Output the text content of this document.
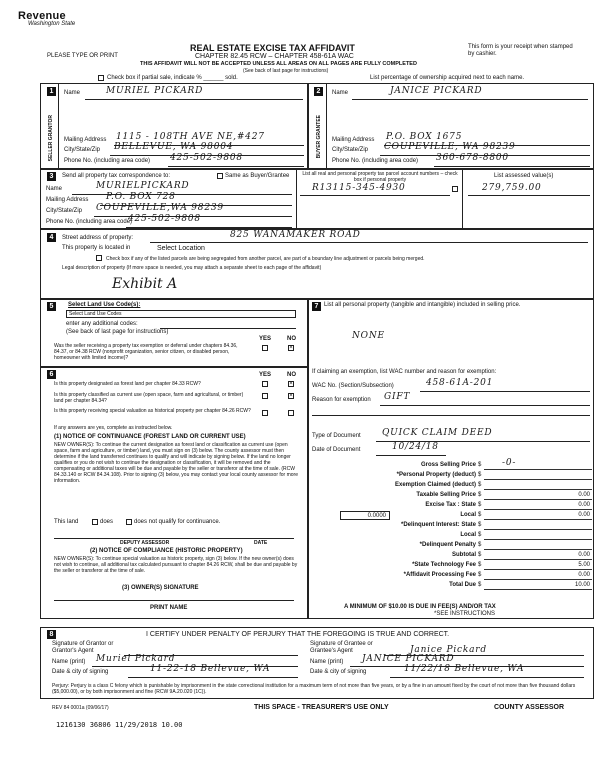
Revenue
Washington State
PLEASE TYPE OR PRINT
REAL ESTATE EXCISE TAX AFFIDAVIT
CHAPTER 82.45 RCW – CHAPTER 458-61A WAC
THIS AFFIDAVIT WILL NOT BE ACCEPTED UNLESS ALL AREAS ON ALL PAGES ARE FULLY COMPLETED
(See back of last page for instructions)
This form is your receipt when stamped by cashier.
Check box if partial sale, indicate % ______ sold.	List percentage of ownership acquired next to each name.
1	2
SELLER GRANTOR	BUYER GRANTEE
Name	MURIEL PICKARD
Mailing Address 1115 - 108TH AVE NE,#427
City/State/Zip BELLEVUE, WA 98004
Phone No. (including area code) 425-502-9808
Name	JANICE PICKARD
Mailing Address P.O. BOX 1675
City/State/Zip COUPEVILLE, WA 98239
Phone No. (including area code) 360-678-8800
3	Send all property tax correspondence to:	Same as Buyer/Grantee
Name	MURIELPICKARD
Mailing Address P.O. BOX 728
City/State/Zip COUPEVILLE,WA 98239
Phone No. (including area code)
425-502-9808
List all real and personal property tax parcel account numbers – check box if personal property
R13115-345-4930
List assessed value(s)
279,759.00
4	Street address of property:	825 WANAMAKER ROAD
This property is located in	Select Location
Check box if any of the listed parcels are being segregated from another parcel, are part of a boundary line adjustment or parcels being merged.
Legal description of property (If more space is needed, you may attach a separate sheet to each page of the affidavit)
Exhibit A
5	Select Land Use Code(s):
Select Land Use Codes
enter any additional codes:
(See back of last page for instructions)
YES	NO
Was the seller receiving a property tax exemption or deferral under chapters 84.36, 84.37, or 84.38 RCW (nonprofit organization, senior citizen, or disabled person, homeowner with limited income)?
×
6	YES	NO
Is this property designated as forest land per chapter 84.33 RCW?	×
Is this property classified as current use (open space, farm and agricultural, or timber) land per chapter 84.34?
×
Is this property receiving special valuation as historical property per chapter 84.26 RCW?
If any answers are yes, complete as instructed below.
(1) NOTICE OF CONTINUANCE (FOREST LAND OR CURRENT USE)
NEW OWNER(S): To continue the current designation as forest land or classification as current use (open space, farm and agriculture, or timber) land, you must sign on (3) below. The county assessor must then determine if the land transferred continues to qualify and will indicate by signing below. If the land no longer qualifies or you do not wish to continue the designation or classification, it will be removed and the compensating or additional taxes will be due and payable by the seller or transferor at the time of sale. (RCW 84.33.140 or RCW 84.34.108). Prior to signing (3) below, you may contact your local county assessor for more information.
This land	does	does not qualify for continuance.
DEPUTY ASSESSOR	DATE
(2) NOTICE OF COMPLIANCE (HISTORIC PROPERTY)
NEW OWNER(S): To continue special valuation as historic property, sign (3) below. If the new owner(s) does not wish to continue, all additional tax calculated pursuant to chapter 84.26 RCW, shall be due and payable by the seller or transferor at the time of sale.
(3) OWNER(S) SIGNATURE
PRINT NAME
7 List all personal property (tangible and intangible) included in selling price.
NONE
If claiming an exemption, list WAC number and reason for exemption:
WAC No. (Section/Subsection)	458-61A-201
Reason for exemption GIFT
Type of Document QUICK CLAIM DEED
Date of Document	10/24/18
Gross Selling Price $ -0-
*Personal Property (deduct) $
Exemption Claimed (deduct) $
Taxable Selling Price $	0.00
Excise Tax : State $	0.00
0.0000	Local $	0.00
*Delinquent Interest: State $
Local $
*Delinquent Penalty $
Subtotal $	0.00
*State Technology Fee $	5.00
*Affidavit Processing Fee $	0.00
Total Due $	10.00
A MINIMUM OF $10.00 IS DUE IN FEE(S) AND/OR TAX
*SEE INSTRUCTIONS
8	I CERTIFY UNDER PENALTY OF PERJURY THAT THE FOREGOING IS TRUE AND CORRECT.
Signature of Grantor or Grantor's Agent
Name (print) Muriel Pickard
Date & city of signing	11-22-18 Bellevue, WA
Signature of Grantee or Grantee's Agent	Janice Pickard
Name (print) JANICE PICKARD
Date & city of signing	11/22/18 Bellevue, WA
Perjury: Perjury is a class C felony which is punishable by imprisonment in the state correctional institution for a maximum term of not more than five years, or by a fine in an amount fixed by the court of not more than five thousand dollars ($5,000.00), or by both imprisonment and fine (RCW 9A.20.020 (1C)).
REV 84 0001a (09/06/17)	THIS SPACE - TREASURER'S USE ONLY	COUNTY ASSESSOR
1216130 36806 11/29/2018 10.00
